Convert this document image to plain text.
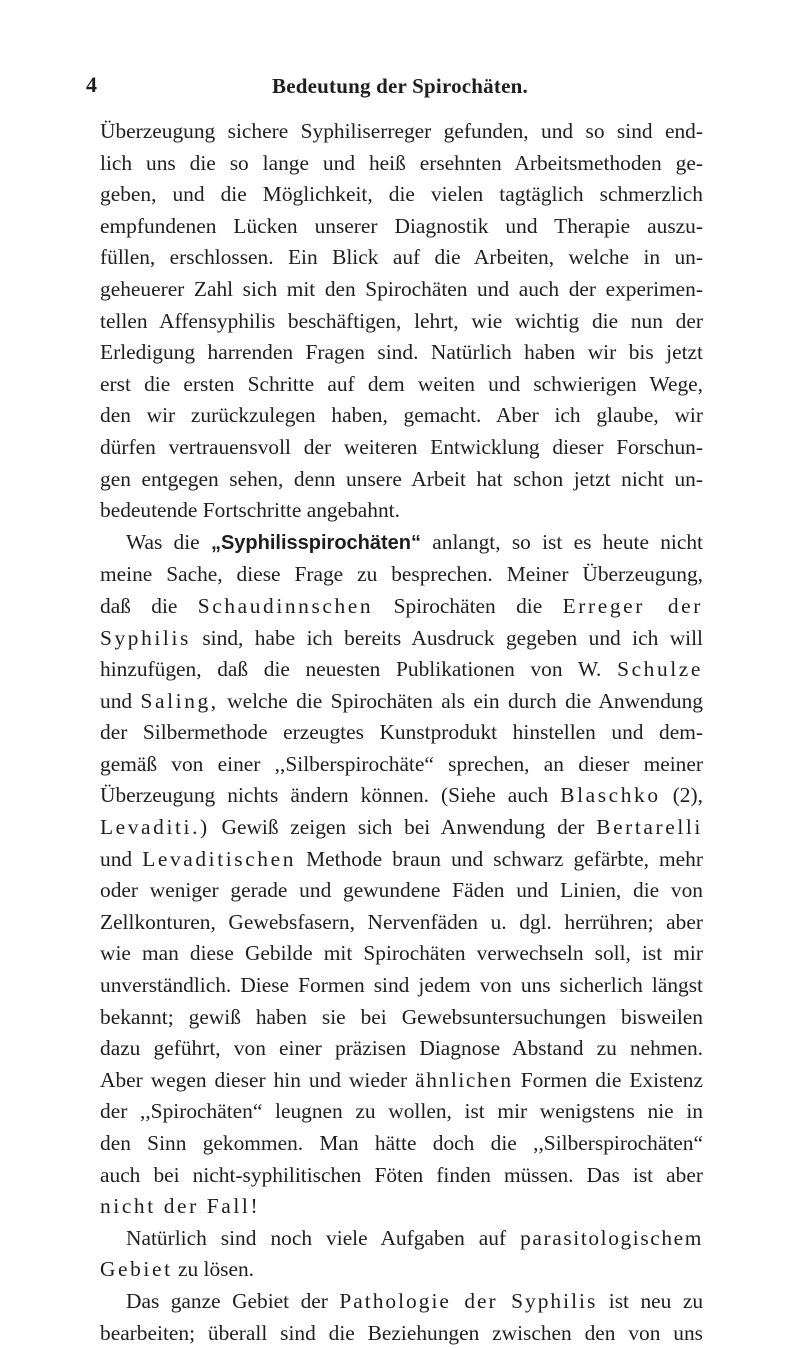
4	Bedeutung der Spirochäten.

Überzeugung sichere Syphiliserreger gefunden, und so sind end-
lich uns die so lange und heiß ersehnten Arbeitsmethoden ge-
geben, und die Möglichkeit, die vielen tagtäglich schmerzlich
empfundenen Lücken unserer Diagnostik und Therapie auszu-
füllen, erschlossen. Ein Blick auf die Arbeiten, welche in un-
geheuerer Zahl sich mit den Spirochäten und auch der experimen-
tellen Affensyphilis beschäftigen, lehrt, wie wichtig die nun der
Erledigung harrenden Fragen sind. Natürlich haben wir bis jetzt
erst die ersten Schritte auf dem weiten und schwierigen Wege,
den wir zurückzulegen haben, gemacht. Aber ich glaube, wir
dürfen vertrauensvoll der weiteren Entwicklung dieser Forschun-
gen entgegen sehen, denn unsere Arbeit hat schon jetzt nicht un-
bedeutende Fortschritte angebahnt.

Was die „Syphilisspirochäten“ anlangt, so ist es heute nicht
meine Sache, diese Frage zu besprechen. Meiner Überzeugung,
daß die Schaudinnschen Spirochäten die Erreger der
Syphilis sind, habe ich bereits Ausdruck gegeben und ich will
hinzufügen, daß die neuesten Publikationen von W. Schulze
und Saling, welche die Spirochäten als ein durch die Anwendung
der Silbermethode erzeugtes Kunstprodukt hinstellen und dem-
gemäß von einer ,,Silberspirochäte“ sprechen, an dieser meiner
Überzeugung nichts ändern können. (Siehe auch Blaschko (2),
Levaditi.) Gewiß zeigen sich bei Anwendung der Bertarelli
und Levaditischen Methode braun und schwarz gefärbte, mehr
oder weniger gerade und gewundene Fäden und Linien, die von
Zellkonturen, Gewebsfasern, Nervenfäden u. dgl. herrühren; aber
wie man diese Gebilde mit Spirochäten verwechseln soll, ist mir
unverständlich. Diese Formen sind jedem von uns sicherlich längst
bekannt; gewiß haben sie bei Gewebsuntersuchungen bisweilen
dazu geführt, von einer präzisen Diagnose Abstand zu nehmen.
Aber wegen dieser hin und wieder ähnlichen Formen die Existenz
der ,,Spirochäten“ leugnen zu wollen, ist mir wenigstens nie in
den Sinn gekommen. Man hätte doch die ,,Silberspirochäten“
auch bei nicht-syphilitischen Föten finden müssen. Das ist aber
nicht der Fall!

Natürlich sind noch viele Aufgaben auf parasitologischem
Gebiet zu lösen.

Das ganze Gebiet der Pathologie der Syphilis ist neu zu
bearbeiten; überall sind die Beziehungen zwischen den von uns
